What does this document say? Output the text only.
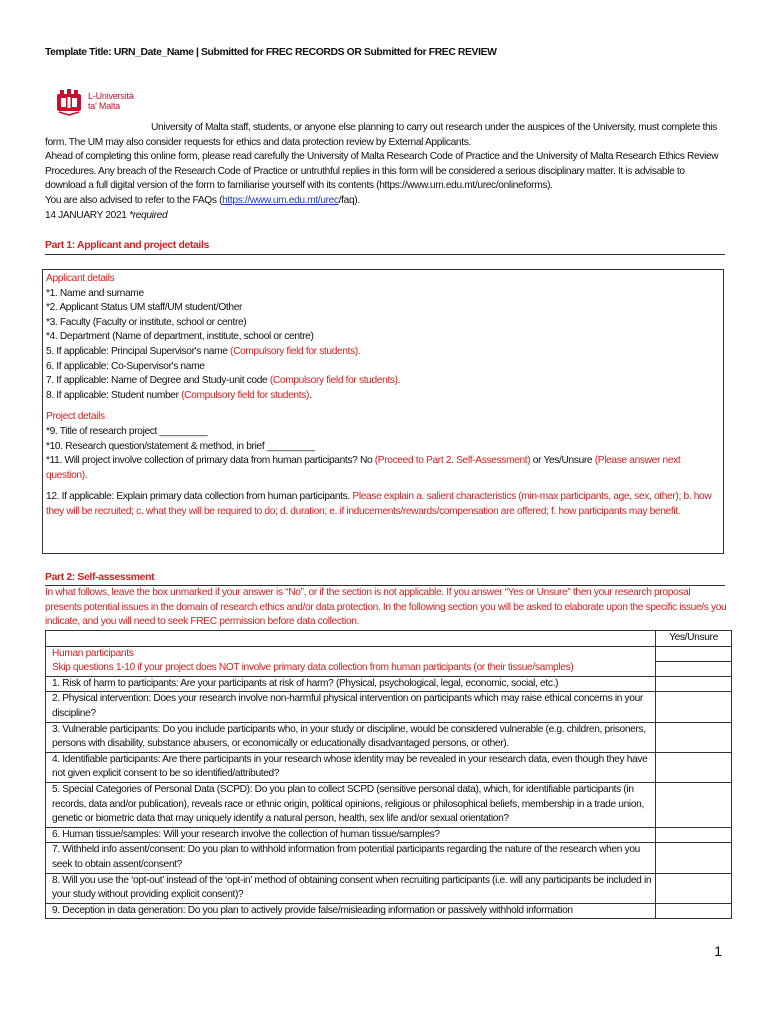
Template Title: URN_Date_Name | Submitted for FREC RECORDS OR Submitted for FREC REVIEW
L-Università
ta' Malta

University of Malta staff, students, or anyone else planning to carry out research under the auspices of the University, must complete this form. The UM may also consider requests for ethics and data protection review by External Applicants.

Ahead of completing this online form, please read carefully the University of Malta Research Code of Practice and the University of Malta Research Ethics Review Procedures. Any breach of the Research Code of Practice or untruthful replies in this form will be considered a serious disciplinary matter. It is advisable to download a full digital version of the form to familiarise yourself with its contents (https://www.um.edu.mt/urec/onlineforms).

You are also advised to refer to the FAQs (https://www.um.edu.mt/urec/faq).

14 JANUARY 2021 *required

Part 1: Applicant and project details

Applicant details

*1. Name and surname

*2. Applicant Status UM staff/UM student/Other

*3. Faculty (Faculty or institute, school or centre)

*4. Department (Name of department, institute, school or centre)

5. If applicable: Principal Supervisor's name (Compulsory field for students).

6. If applicable: Co-Supervisor's name

7. If applicable: Name of Degree and Study-unit code (Compulsory field for students).

8. If applicable: Student number (Compulsory field for students).

Project details

*9. Title of research project _________

*10. Research question/statement & method, in brief _________

*11. Will project involve collection of primary data from human participants? No (Proceed to Part 2. Self-Assessment) or Yes/Unsure (Please answer next question).

12. If applicable: Explain primary data collection from human participants. Please explain a. salient characteristics (min-max participants, age, sex, other); b. how they will be recruited; c. what they will be required to do; d. duration; e. if inducements/rewards/compensation are offered; f. how participants may benefit.

Part 2: Self-assessment
In what follows, leave the box unmarked if your answer is “No”, or if the section is not applicable. If you answer “Yes or Unsure” then your research proposal presents potential issues in the domain of research ethics and/or data protection. In the following section you will be asked to elaborate upon the specific issue/s you indicate, and you will need to seek FREC permission before data collection.
	Yes/Unsure
Human participants	
Skip questions 1-10 if your project does NOT involve primary data collection from human participants (or their tissue/samples)	
1. Risk of harm to participants: Are your participants at risk of harm? (Physical, psychological, legal, economic, social, etc.)	
2. Physical intervention: Does your research involve non-harmful physical intervention on participants which may raise ethical concerns in your discipline?	
3. Vulnerable participants: Do you include participants who, in your study or discipline, would be considered vulnerable (e.g. children, prisoners, persons with disability, substance abusers, or economically or educationally disadvantaged persons, or other).	
4. Identifiable participants: Are there participants in your research whose identity may be revealed in your research data, even though they have not given explicit consent to be so identified/attributed?	
5. Special Categories of Personal Data (SCPD): Do you plan to collect SCPD (sensitive personal data), which, for identifiable participants (in records, data and/or publication), reveals race or ethnic origin, political opinions, religious or philosophical beliefs, membership in a trade union, genetic or biometric data that may uniquely identify a natural person, health, sex life and/or sexual orientation?	
6. Human tissue/samples: Will your research involve the collection of human tissue/samples?	
7. Withheld info assent/consent: Do you plan to withhold information from potential participants regarding the nature of the research when you seek to obtain assent/consent?	
8. Will you use the ‘opt-out’ instead of the ‘opt-in’ method of obtaining consent when recruiting participants (i.e. will any participants be included in your study without providing explicit consent)?	
9. Deception in data generation: Do you plan to actively provide false/misleading information or passively withhold information	
1
